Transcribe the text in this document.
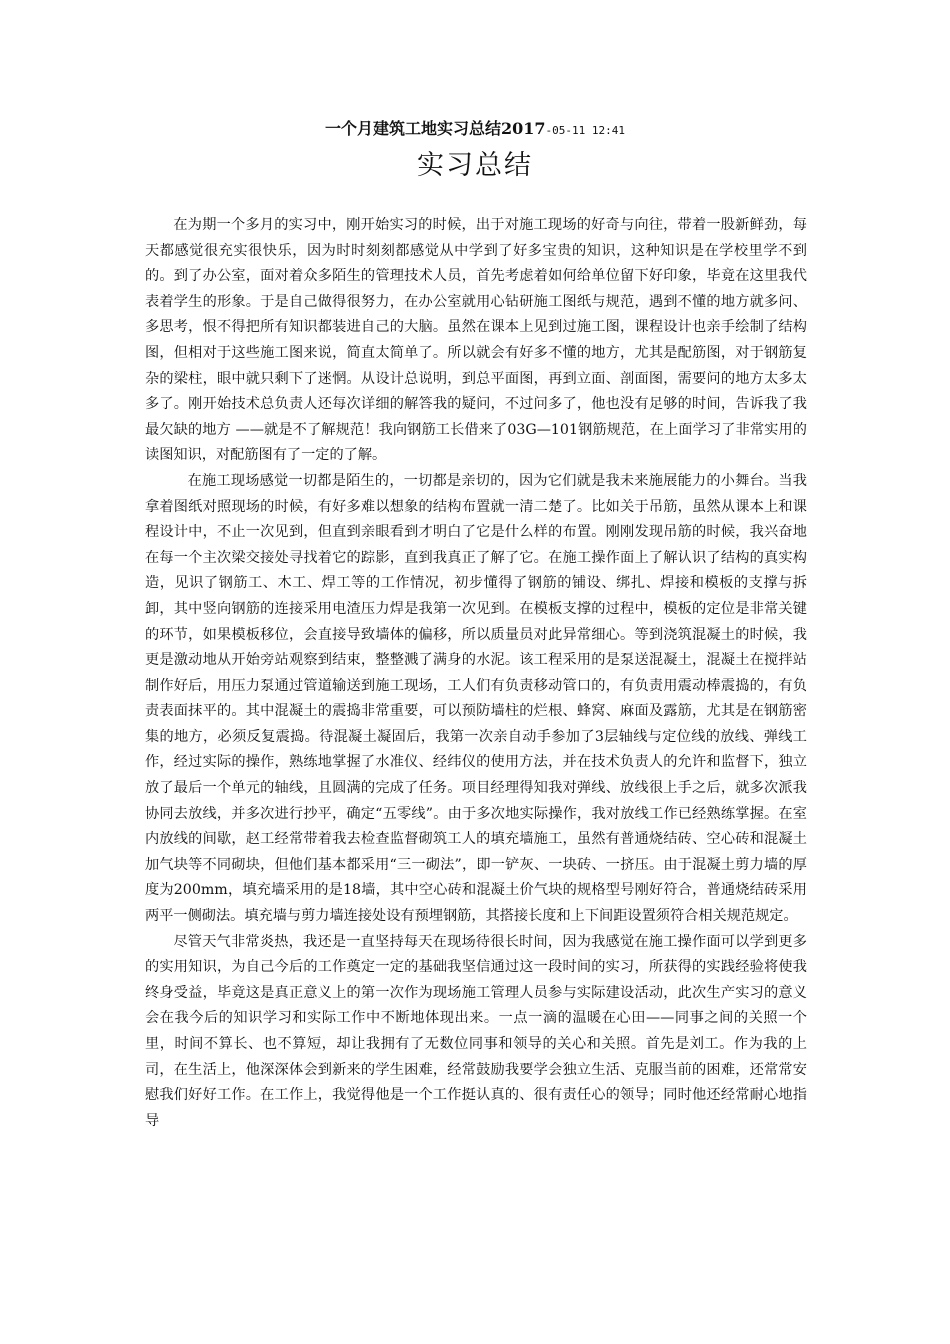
一个月建筑工地实习总结2017-05-11 12:41
实习总结

在为期一个多月的实习中，刚开始实习的时候，出于对施工现场的好奇与向往，带着一股新鲜劲，每天都感觉很充实很快乐，因为时时刻刻都感觉从中学到了好多宝贵的知识，这种知识是在学校里学不到的。到了办公室，面对着众多陌生的管理技术人员，首先考虑着如何给单位留下好印象，毕竟在这里我代表着学生的形象。于是自己做得很努力，在办公室就用心钻研施工图纸与规范，遇到不懂的地方就多问、多思考，恨不得把所有知识都装进自己的大脑。虽然在课本上见到过施工图，课程设计也亲手绘制了结构图，但相对于这些施工图来说，简直太简单了。所以就会有好多不懂的地方，尤其是配筋图，对于钢筋复杂的梁柱，眼中就只剩下了迷惘。从设计总说明，到总平面图，再到立面、剖面图，需要问的地方太多太多了。刚开始技术总负责人还每次详细的解答我的疑问，不过问多了，他也没有足够的时间，告诉我了我最欠缺的地方 ——就是不了解规范！我向钢筋工长借来了03G—101钢筋规范，在上面学习了非常实用的读图知识，对配筋图有了一定的了解。

在施工现场感觉一切都是陌生的，一切都是亲切的，因为它们就是我未来施展能力的小舞台。当我拿着图纸对照现场的时候，有好多难以想象的结构布置就一清二楚了。比如关于吊筋，虽然从课本上和课程设计中，不止一次见到，但直到亲眼看到才明白了它是什么样的布置。刚刚发现吊筋的时候，我兴奋地在每一个主次梁交接处寻找着它的踪影，直到我真正了解了它。在施工操作面上了解认识了结构的真实构造，见识了钢筋工、木工、焊工等的工作情况，初步懂得了钢筋的铺设、绑扎、焊接和模板的支撑与拆卸，其中竖向钢筋的连接采用电渣压力焊是我第一次见到。在模板支撑的过程中，模板的定位是非常关键的环节，如果模板移位，会直接导致墙体的偏移，所以质量员对此异常细心。等到浇筑混凝土的时候，我更是激动地从开始旁站观察到结束，整整溅了满身的水泥。该工程采用的是泵送混凝土，混凝土在搅拌站制作好后，用压力泵通过管道输送到施工现场，工人们有负责移动管口的，有负责用震动棒震捣的，有负责表面抹平的。其中混凝土的震捣非常重要，可以预防墙柱的烂根、蜂窝、麻面及露筋，尤其是在钢筋密集的地方，必须反复震捣。待混凝土凝固后，我第一次亲自动手参加了3层轴线与定位线的放线、弹线工作，经过实际的操作，熟练地掌握了水准仪、经纬仪的使用方法，并在技术负责人的允许和监督下，独立放了最后一个单元的轴线，且圆满的完成了任务。项目经理得知我对弹线、放线很上手之后，就多次派我协同去放线，并多次进行抄平，确定“五零线”。由于多次地实际操作，我对放线工作已经熟练掌握。在室内放线的间歇，赵工经常带着我去检查监督砌筑工人的填充墙施工，虽然有普通烧结砖、空心砖和混凝土加气块等不同砌块，但他们基本都采用“三一砌法”，即一铲灰、一块砖、一挤压。由于混凝土剪力墙的厚度为200mm，填充墙采用的是18墙，其中空心砖和混凝土价气块的规格型号刚好符合，普通烧结砖采用两平一侧砌法。填充墙与剪力墙连接处设有预埋钢筋，其搭接长度和上下间距设置须符合相关规范规定。

尽管天气非常炎热，我还是一直坚持每天在现场待很长时间，因为我感觉在施工操作面可以学到更多的实用知识，为自己今后的工作奠定一定的基础我坚信通过这一段时间的实习，所获得的实践经验将使我终身受益，毕竟这是真正意义上的第一次作为现场施工管理人员参与实际建设活动，此次生产实习的意义会在我今后的知识学习和实际工作中不断地体现出来。一点一滴的温暖在心田——同事之间的关照一个里，时间不算长、也不算短，却让我拥有了无数位同事和领导的关心和关照。首先是刘工。作为我的上司，在生活上，他深深体会到新来的学生困难，经常鼓励我要学会独立生活、克服当前的困难，还常常安慰我们好好工作。在工作上，我觉得他是一个工作挺认真的、很有责任心的领导；同时他还经常耐心地指导
